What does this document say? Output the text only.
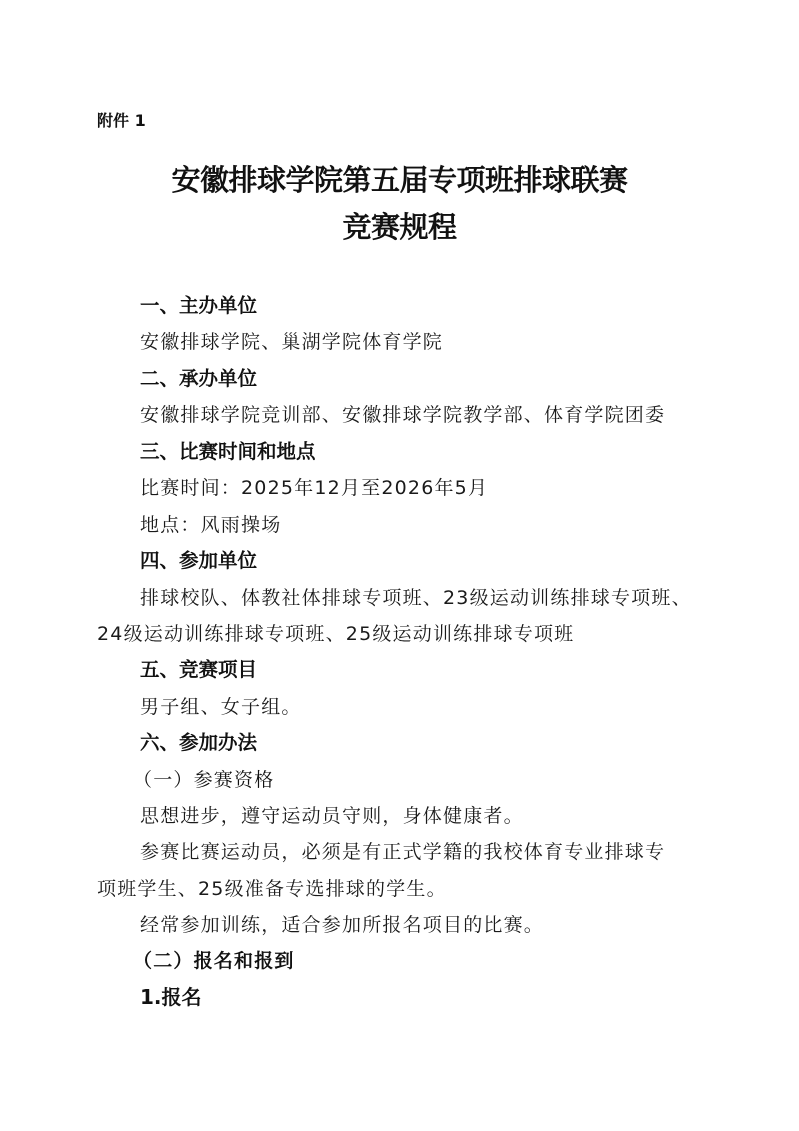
附件 1
安徽排球学院第五届专项班排球联赛
竞赛规程
一、主办单位
安徽排球学院、巢湖学院体育学院
二、承办单位
安徽排球学院竞训部、安徽排球学院教学部、体育学院团委
三、比赛时间和地点
比赛时间：2025年12月至2026年5月
地点：风雨操场
四、参加单位
排球校队、体教社体排球专项班、23级运动训练排球专项班、
24级运动训练排球专项班、25级运动训练排球专项班
五、竞赛项目
男子组、女子组。
六、参加办法
（一）参赛资格
思想进步，遵守运动员守则，身体健康者。
参赛比赛运动员，必须是有正式学籍的我校体育专业排球专
项班学生、25级准备专选排球的学生。
经常参加训练，适合参加所报名项目的比赛。
（二）报名和报到
1.报名
